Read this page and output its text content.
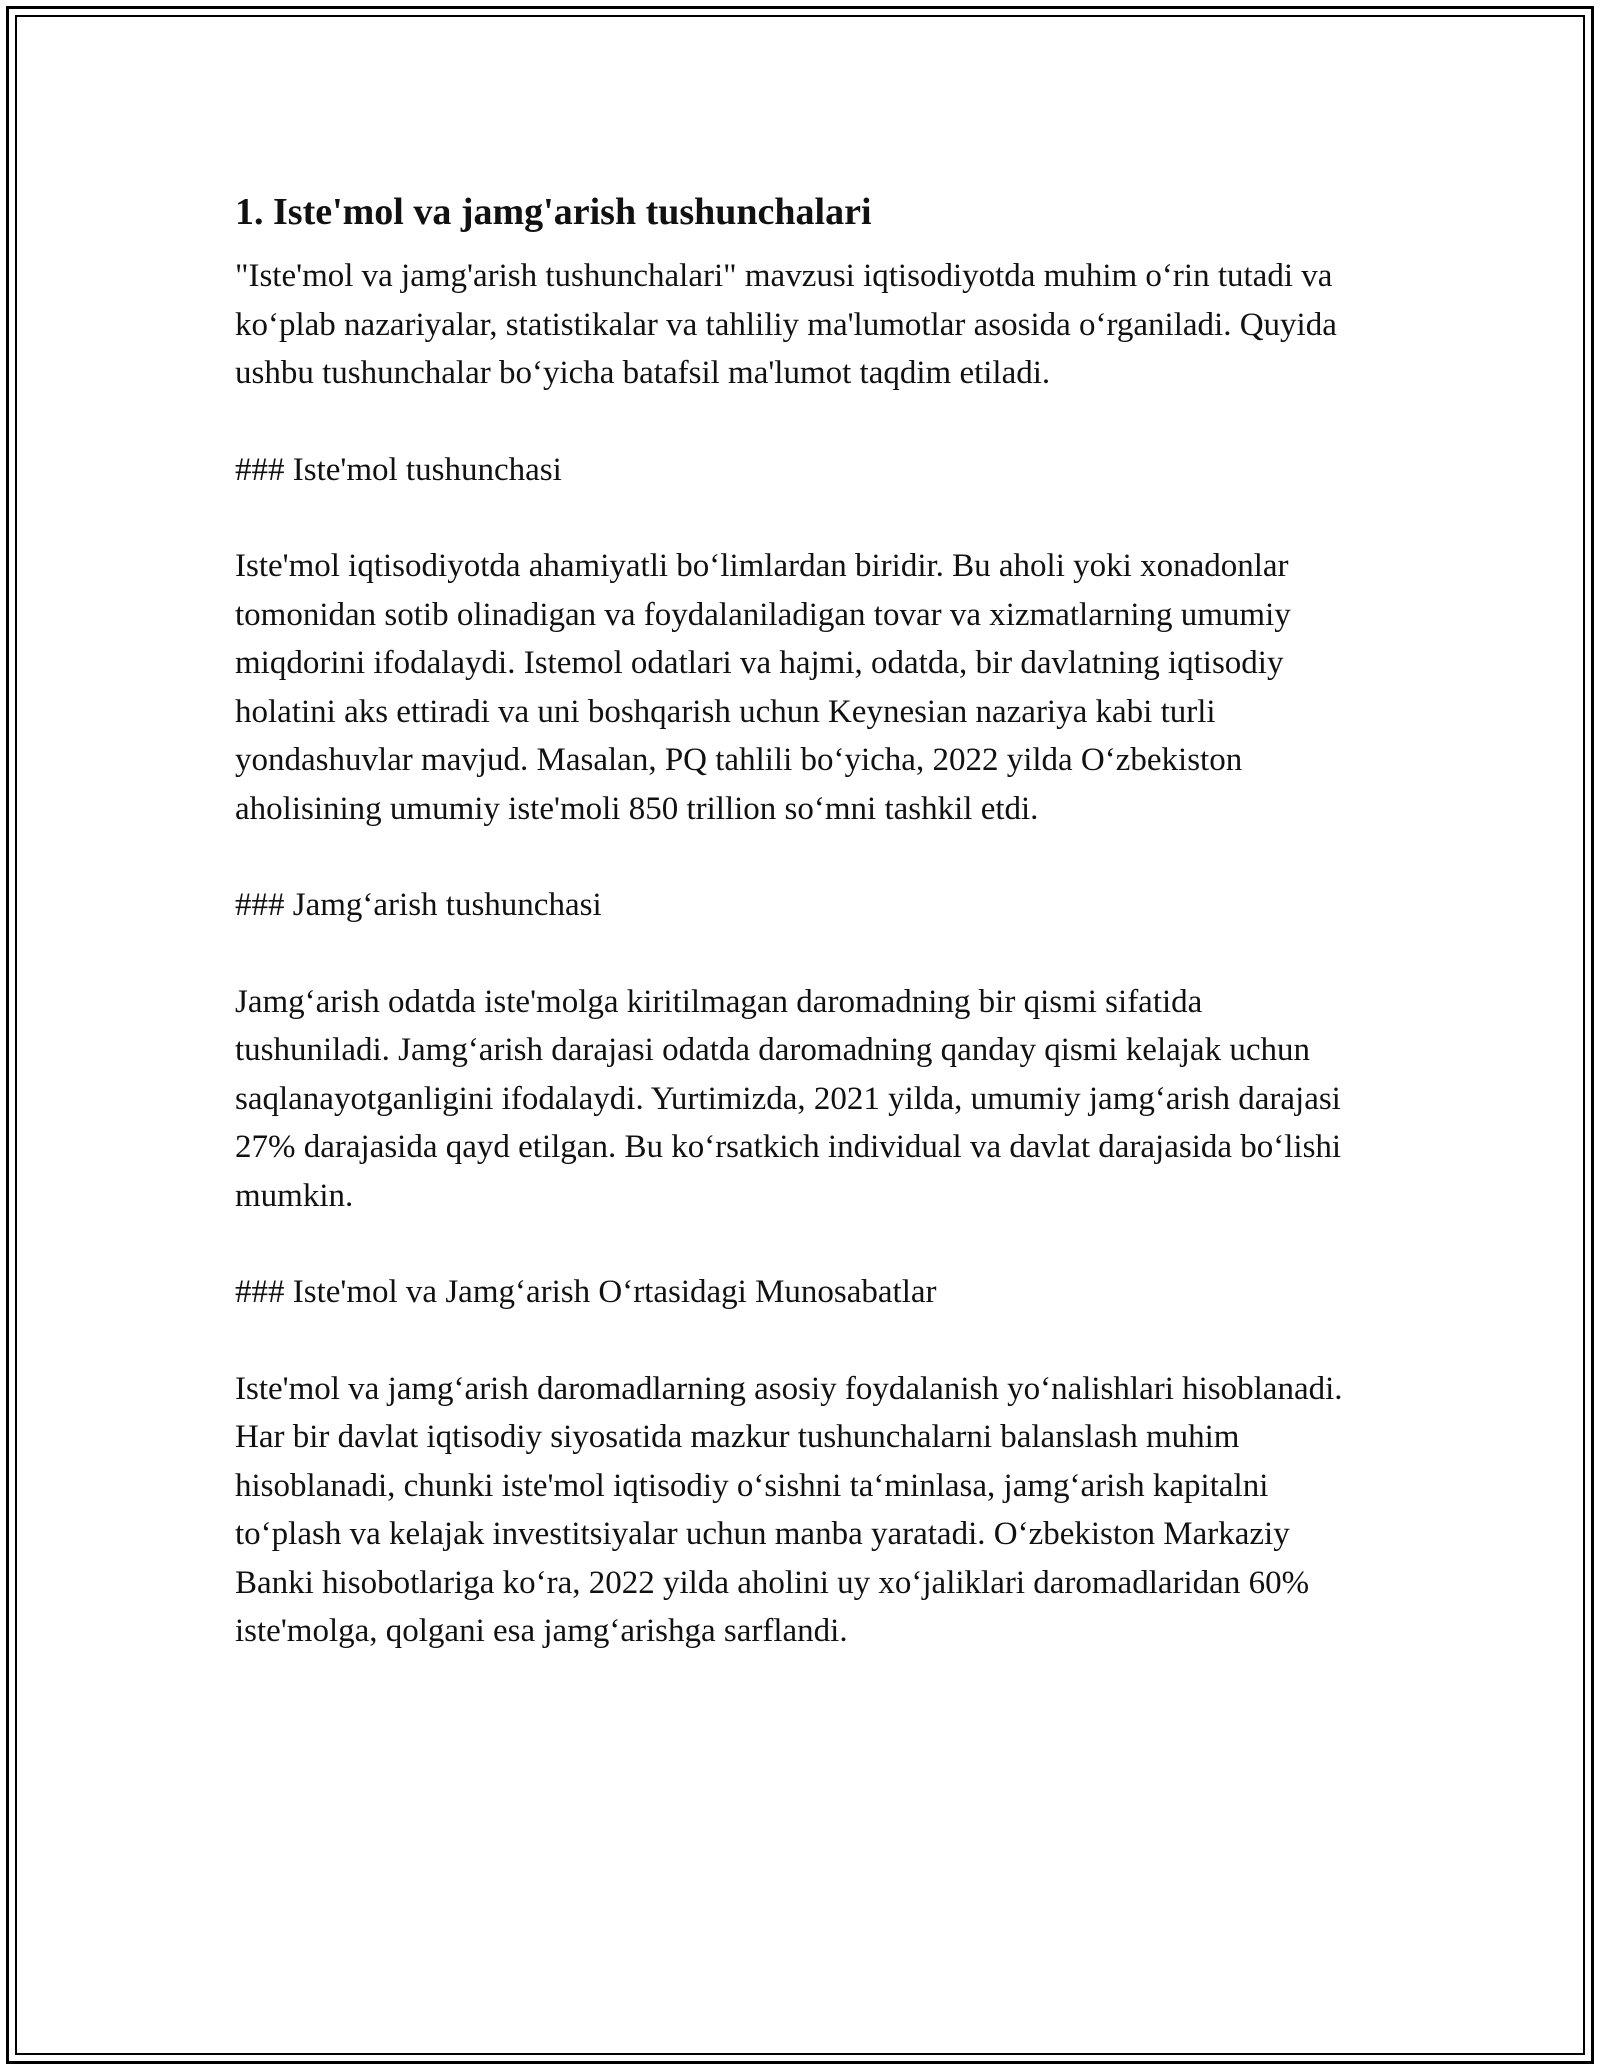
1. Iste'mol va jamg'arish tushunchalari

"Iste'mol va jamg'arish tushunchalari" mavzusi iqtisodiyotda muhim oʻrin tutadi va koʻplab nazariyalar, statistikalar va tahliliy ma'lumotlar asosida oʻrganiladi. Quyida ushbu tushunchalar boʻyicha batafsil ma'lumot taqdim etiladi.

### Iste'mol tushunchasi

Iste'mol iqtisodiyotda ahamiyatli boʻlimlardan biridir. Bu aholi yoki xonadonlar tomonidan sotib olinadigan va foydalaniladigan tovar va xizmatlarning umumiy miqdorini ifodalaydi. Istemol odatlari va hajmi, odatda, bir davlatning iqtisodiy holatini aks ettiradi va uni boshqarish uchun Keynesian nazariya kabi turli yondashuvlar mavjud. Masalan, PQ tahlili boʻyicha, 2022 yilda Oʻzbekiston aholisining umumiy iste'moli 850 trillion soʻmni tashkil etdi.

### Jamgʻarish tushunchasi

Jamgʻarish odatda iste'molga kiritilmagan daromadning bir qismi sifatida tushuniladi. Jamgʻarish darajasi odatda daromadning qanday qismi kelajak uchun saqlanayotganligini ifodalaydi. Yurtimizda, 2021 yilda, umumiy jamgʻarish darajasi 27% darajasida qayd etilgan. Bu koʻrsatkich individual va davlat darajasida boʻlishi mumkin.

### Iste'mol va Jamgʻarish Oʻrtasidagi Munosabatlar

Iste'mol va jamgʻarish daromadlarning asosiy foydalanish yoʻnalishlari hisoblanadi. Har bir davlat iqtisodiy siyosatida mazkur tushunchalarni balanslash muhim hisoblanadi, chunki iste'mol iqtisodiy oʻsishni taʻminlasa, jamgʻarish kapitalni toʻplash va kelajak investitsiyalar uchun manba yaratadi. Oʻzbekiston Markaziy Banki hisobotlariga koʻra, 2022 yilda aholini uy xoʻjaliklari daromadlaridan 60% iste'molga, qolgani esa jamgʻarishga sarflandi.
